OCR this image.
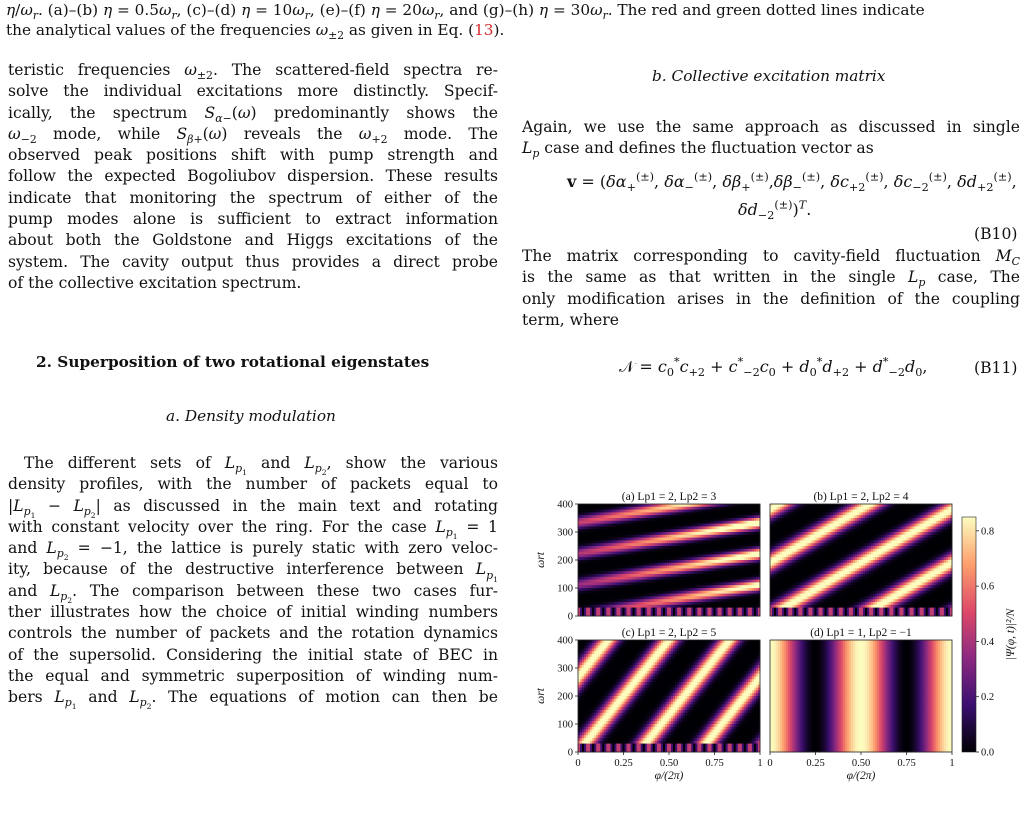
$\eta/\omega_r$. (a)–(b) $\eta = 0.5\omega_r$, (c)–(d) $\eta = 10\omega_r$, (e)–(f) $\eta = 20\omega_r$, and (g)–(h) $\eta = 30\omega_r$. The red and green dotted lines indicate
the analytical values of the frequencies $\omega_{\pm 2}$ as given in Eq. (13).

teristic frequencies $\omega_{\pm 2}$. The scattered-field spectra re-
solve the individual excitations more distinctly. Specif-
ically, the spectrum $S_{\alpha-}(\omega)$ predominantly shows the
$\omega_{-2}$ mode, while $S_{\beta+}(\omega)$ reveals the $\omega_{+2}$ mode. The
observed peak positions shift with pump strength and
follow the expected Bogoliubov dispersion. These results
indicate that monitoring the spectrum of either of the
pump modes alone is sufficient to extract information
about both the Goldstone and Higgs excitations of the
system. The cavity output thus provides a direct probe
of the collective excitation spectrum.

2. Superposition of two rotational eigenstates
a. Density modulation
The different sets of $L_{p_1}$ and $L_{p_2}$, show the various
density profiles, with the number of packets equal to
$|L_{p_1} - L_{p_2}|$ as discussed in the main text and rotating
with constant velocity over the ring. For the case $L_{p_1} = 1$
and $L_{p_2} = -1$, the lattice is purely static with zero veloc-
ity, because of the destructive interference between $L_{p_1}$
and $L_{p_2}$. The comparison between these two cases fur-
ther illustrates how the choice of initial winding numbers
controls the number of packets and the rotation dynamics
of the supersolid. Considering the initial state of BEC in
the equal and symmetric superposition of winding num-
bers $L_{p_1}$ and $L_{p_2}$. The equations of motion can then be
b. Collective excitation matrix
Again, we use the same approach as discussed in single
$L_p$ case and defines the fluctuation vector as
$v = (\delta\alpha_+^{(\pm)}$, $\delta\alpha_-^{(\pm)}$, $\delta\beta_+^{(\pm)},\delta\beta_-^{(\pm)}$, $\delta c_{+2}^{(\pm)}$, $\delta c_{-2}^{(\pm)}$, $\delta d_{+2}^{(\pm)}$,
$\delta d_{-2}^{(\pm)})^T$.
(B10)
The matrix corresponding to cavity-field fluctuation $M_C$
is the same as that written in the single $L_p$ case, The
only modification arises in the definition of the coupling
term, where
𝒩 = $c_0^*c_{+2} + c^*_{-2}c_0 + d_0^*d_{+2} + d^*_{-2}d_0$,	(B11)
(a) Lp1 = 2, Lp2 = 3
0
100
200
300
400
ωrt
(b) Lp1 = 2, Lp2 = 4
(c) Lp1 = 2, Lp2 = 5
0
100
200
300
400
ωrt
0	0.25	0.50	0.75	1
φ/(2π)
(d) Lp1 = 1, Lp2 = −1
0	0.25	0.50	0.75	1
φ/(2π)
0.0
0.2
0.4
0.6
0.8
|Ψ(φ, t)|²/N
